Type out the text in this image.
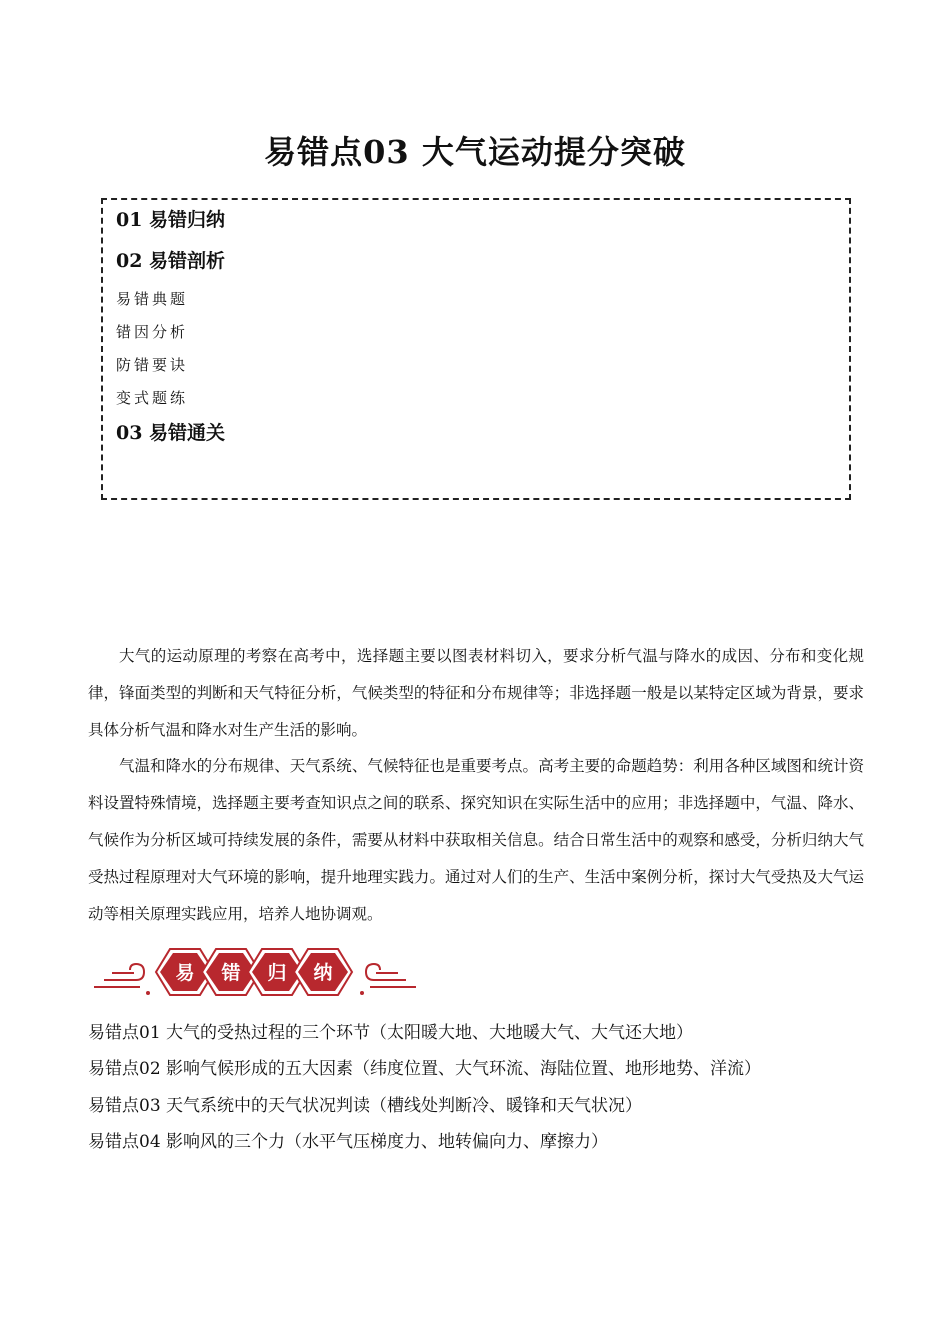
易错点03 大气运动提分突破
01 易错归纳
02 易错剖析
易错典题
错因分析
防错要诀
变式题练
03 易错通关

大气的运动原理的考察在高考中，选择题主要以图表材料切入，要求分析气温与降水的成因、分布和变化规律，锋面类型的判断和天气特征分析，气候类型的特征和分布规律等；非选择题一般是以某特定区域为背景，要求具体分析气温和降水对生产生活的影响。

气温和降水的分布规律、天气系统、气候特征也是重要考点。高考主要的命题趋势：利用各种区域图和统计资料设置特殊情境，选择题主要考查知识点之间的联系、探究知识在实际生活中的应用；非选择题中，气温、降水、气候作为分析区域可持续发展的条件，需要从材料中获取相关信息。结合日常生活中的观察和感受，分析归纳大气受热过程原理对大气环境的影响，提升地理实践力。通过对人们的生产、生活中案例分析，探讨大气受热及大气运动等相关原理实践应用，培养人地协调观。

易 错 归 纳
易错点01 大气的受热过程的三个环节（太阳暖大地、大地暖大气、大气还大地）
易错点02 影响气候形成的五大因素（纬度位置、大气环流、海陆位置、地形地势、洋流）
易错点03 天气系统中的天气状况判读（槽线处判断冷、暖锋和天气状况）
易错点04 影响风的三个力（水平气压梯度力、地转偏向力、摩擦力）
